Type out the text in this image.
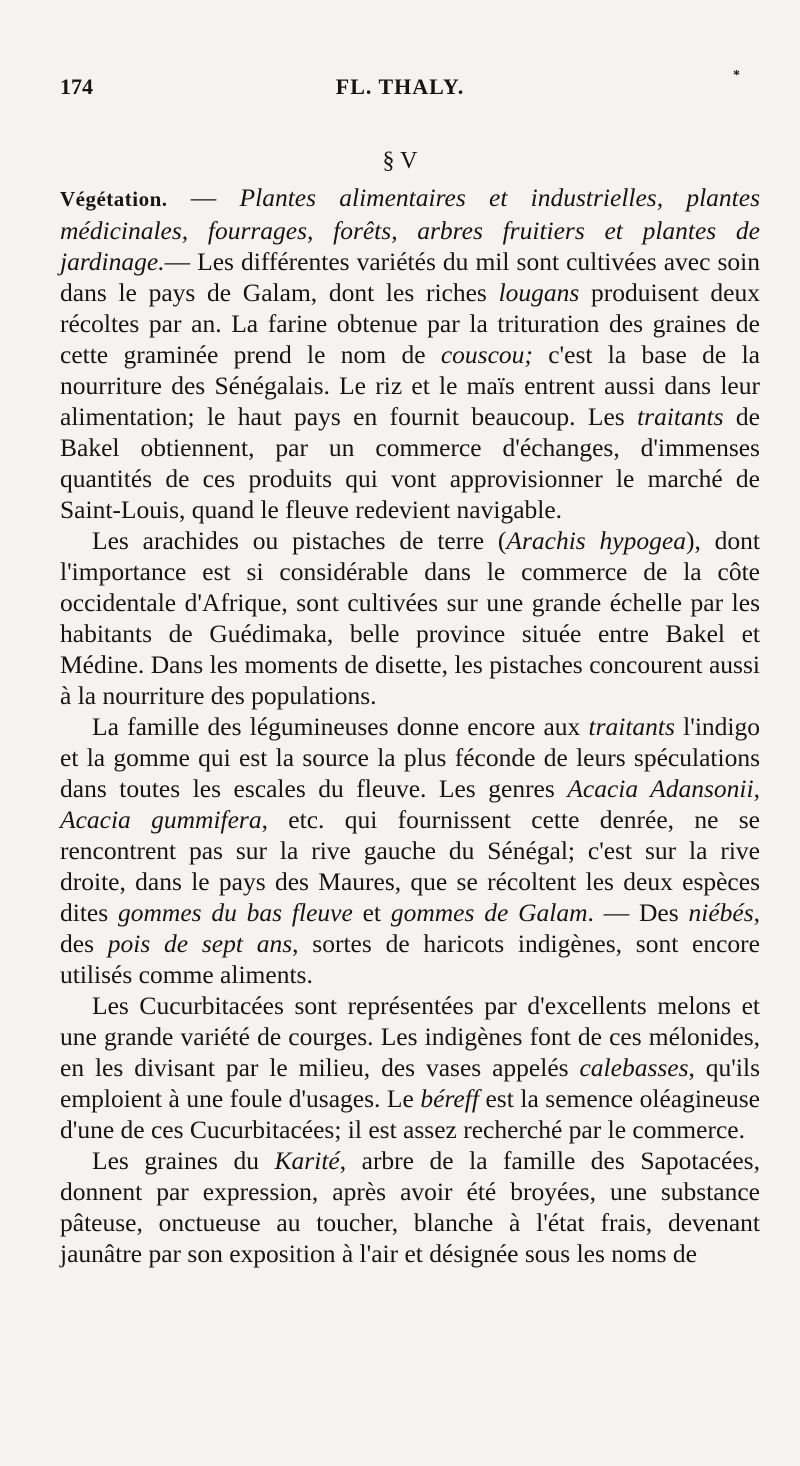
174	FL. THALY.	*
§ V

Végétation. — Plantes alimentaires et industrielles, plantes médicinales, fourrages, forêts, arbres fruitiers et plantes de jardinage.— Les différentes variétés du mil sont cultivées avec soin dans le pays de Galam, dont les riches lougans produisent deux récoltes par an. La farine obtenue par la trituration des graines de cette graminée prend le nom de couscou; c'est la base de la nourriture des Sénégalais. Le riz et le maïs entrent aussi dans leur alimentation; le haut pays en fournit beaucoup. Les traitants de Bakel obtiennent, par un commerce d'échanges, d'immenses quantités de ces produits qui vont approvisionner le marché de Saint-Louis, quand le fleuve redevient navigable.

Les arachides ou pistaches de terre (Arachis hypogea), dont l'importance est si considérable dans le commerce de la côte occidentale d'Afrique, sont cultivées sur une grande échelle par les habitants de Guédimaka, belle province située entre Bakel et Médine. Dans les moments de disette, les pistaches concourent aussi à la nourriture des populations.

La famille des légumineuses donne encore aux traitants l'indigo et la gomme qui est la source la plus féconde de leurs spéculations dans toutes les escales du fleuve. Les genres Acacia Adansonii, Acacia gummifera, etc. qui fournissent cette denrée, ne se rencontrent pas sur la rive gauche du Sénégal; c'est sur la rive droite, dans le pays des Maures, que se récoltent les deux espèces dites gommes du bas fleuve et gommes de Galam. — Des niébés, des pois de sept ans, sortes de haricots indigènes, sont encore utilisés comme aliments.

Les Cucurbitacées sont représentées par d'excellents melons et une grande variété de courges. Les indigènes font de ces mélonides, en les divisant par le milieu, des vases appelés calebasses, qu'ils emploient à une foule d'usages. Le béreff est la semence oléagineuse d'une de ces Cucurbitacées; il est assez recherché par le commerce.

Les graines du Karité, arbre de la famille des Sapotacées, donnent par expression, après avoir été broyées, une substance pâteuse, onctueuse au toucher, blanche à l'état frais, devenant jaunâtre par son exposition à l'air et désignée sous les noms de
